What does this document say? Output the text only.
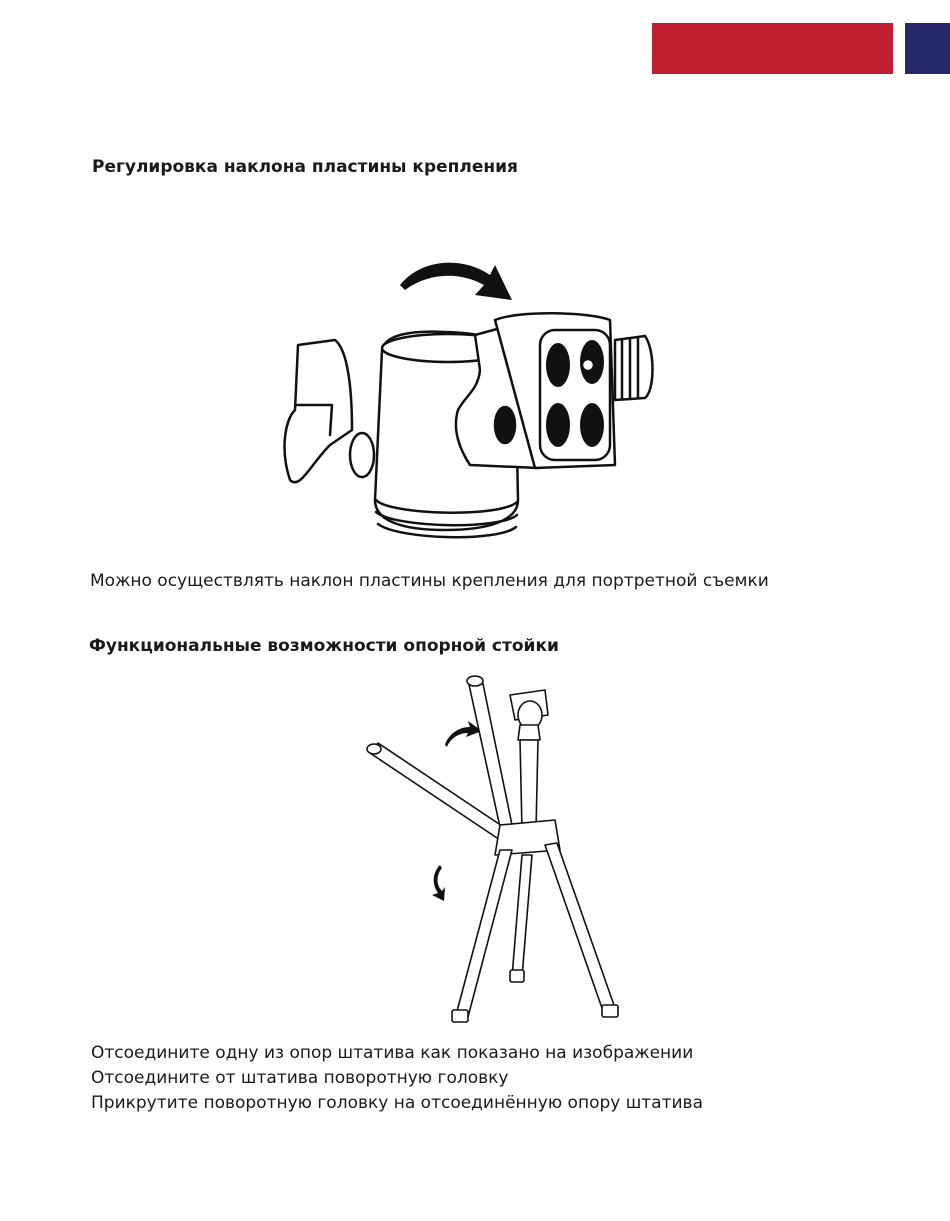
Регулировка наклона пластины крепления
Можно осуществлять наклон пластины крепления для портретной съемки
Функциональные возможности опорной стойки
Отсоедините одну из опор штатива как показано на изображении
Отсоедините от штатива поворотную головку
Прикрутите поворотную головку на отсоединённую опору штатива
